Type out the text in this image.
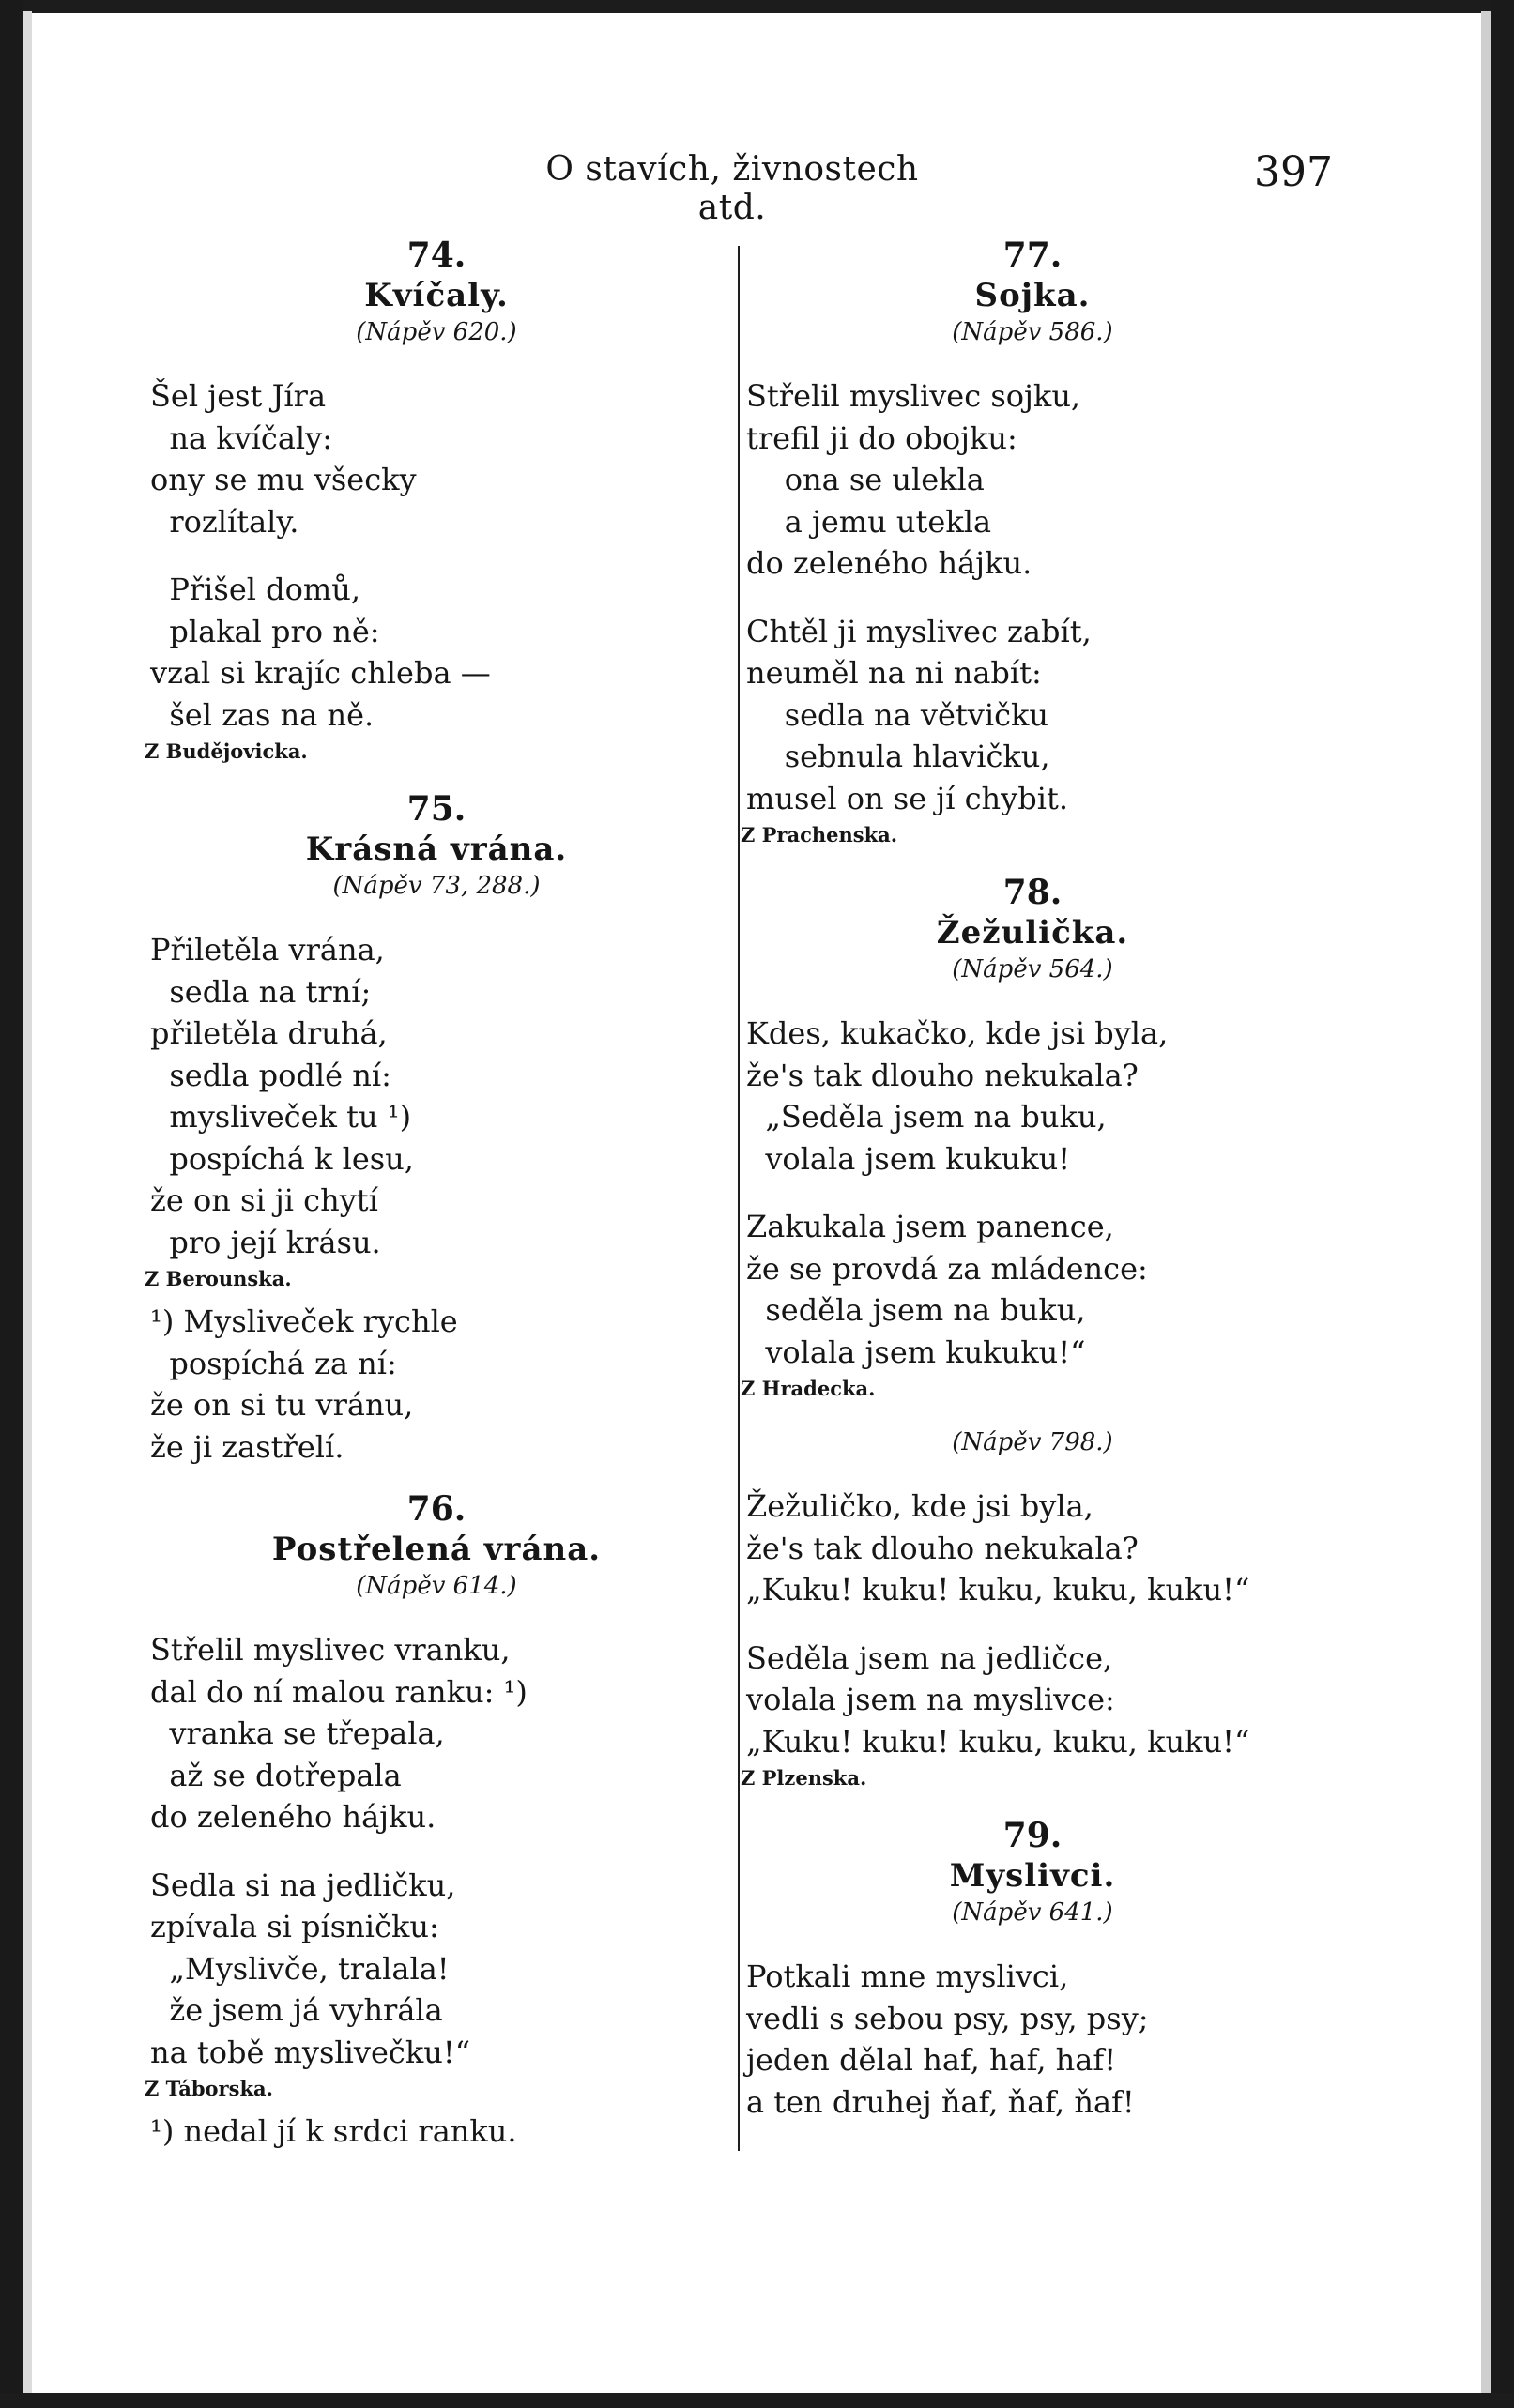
O stavích, živnostech atd.
397
74.
Kvíčaly.
(Nápěv 620.)
Šel jest Jíra
na kvíčaly:
ony se mu všecky
rozlítaly.
Přišel domů,
plakal pro ně:
vzal si krajíc chleba —
šel zas na ně.
Z Budějovicka.
75.
Krásná vrána.
(Nápěv 73, 288.)
Přiletěla vrána,
sedla na trní;
přiletěla druhá,
sedla podlé ní:
mysliveček tu ¹)
pospíchá k lesu,
že on si ji chytí
pro její krásu.
Z Berounska.
¹) Mysliveček rychle
pospíchá za ní:
že on si tu vránu,
že ji zastřelí.
76.
Postřelená vrána.
(Nápěv 614.)
Střelil myslivec vranku,
dal do ní malou ranku: ¹)
vranka se třepala,
až se dotřepala
do zeleného hájku.
Sedla si na jedličku,
zpívala si písničku:
„Myslivče, tralala!
že jsem já vyhrála
na tobě myslivečku!“
Z Táborska.
¹) nedal jí k srdci ranku.
77.
Sojka.
(Nápěv 586.)
Střelil myslivec sojku,
trefil ji do obojku:
ona se ulekla
a jemu utekla
do zeleného hájku.
Chtěl ji myslivec zabít,
neuměl na ni nabít:
sedla na větvičku
sebnula hlavičku,
musel on se jí chybit.
Z Prachenska.
78.
Žežulička.
(Nápěv 564.)
Kdes, kukačko, kde jsi byla,
že's tak dlouho nekukala?
„Seděla jsem na buku,
volala jsem kukuku!
Zakukala jsem panence,
že se provdá za mládence:
seděla jsem na buku,
volala jsem kukuku!“
Z Hradecka.
(Nápěv 798.)
Žežuličko, kde jsi byla,
že's tak dlouho nekukala?
„Kuku! kuku! kuku, kuku, kuku!“
Seděla jsem na jedličce,
volala jsem na myslivce:
„Kuku! kuku! kuku, kuku, kuku!“
Z Plzenska.
79.
Myslivci.
(Nápěv 641.)
Potkali mne myslivci,
vedli s sebou psy, psy, psy;
jeden dělal haf, haf, haf!
a ten druhej ňaf, ňaf, ňaf!
